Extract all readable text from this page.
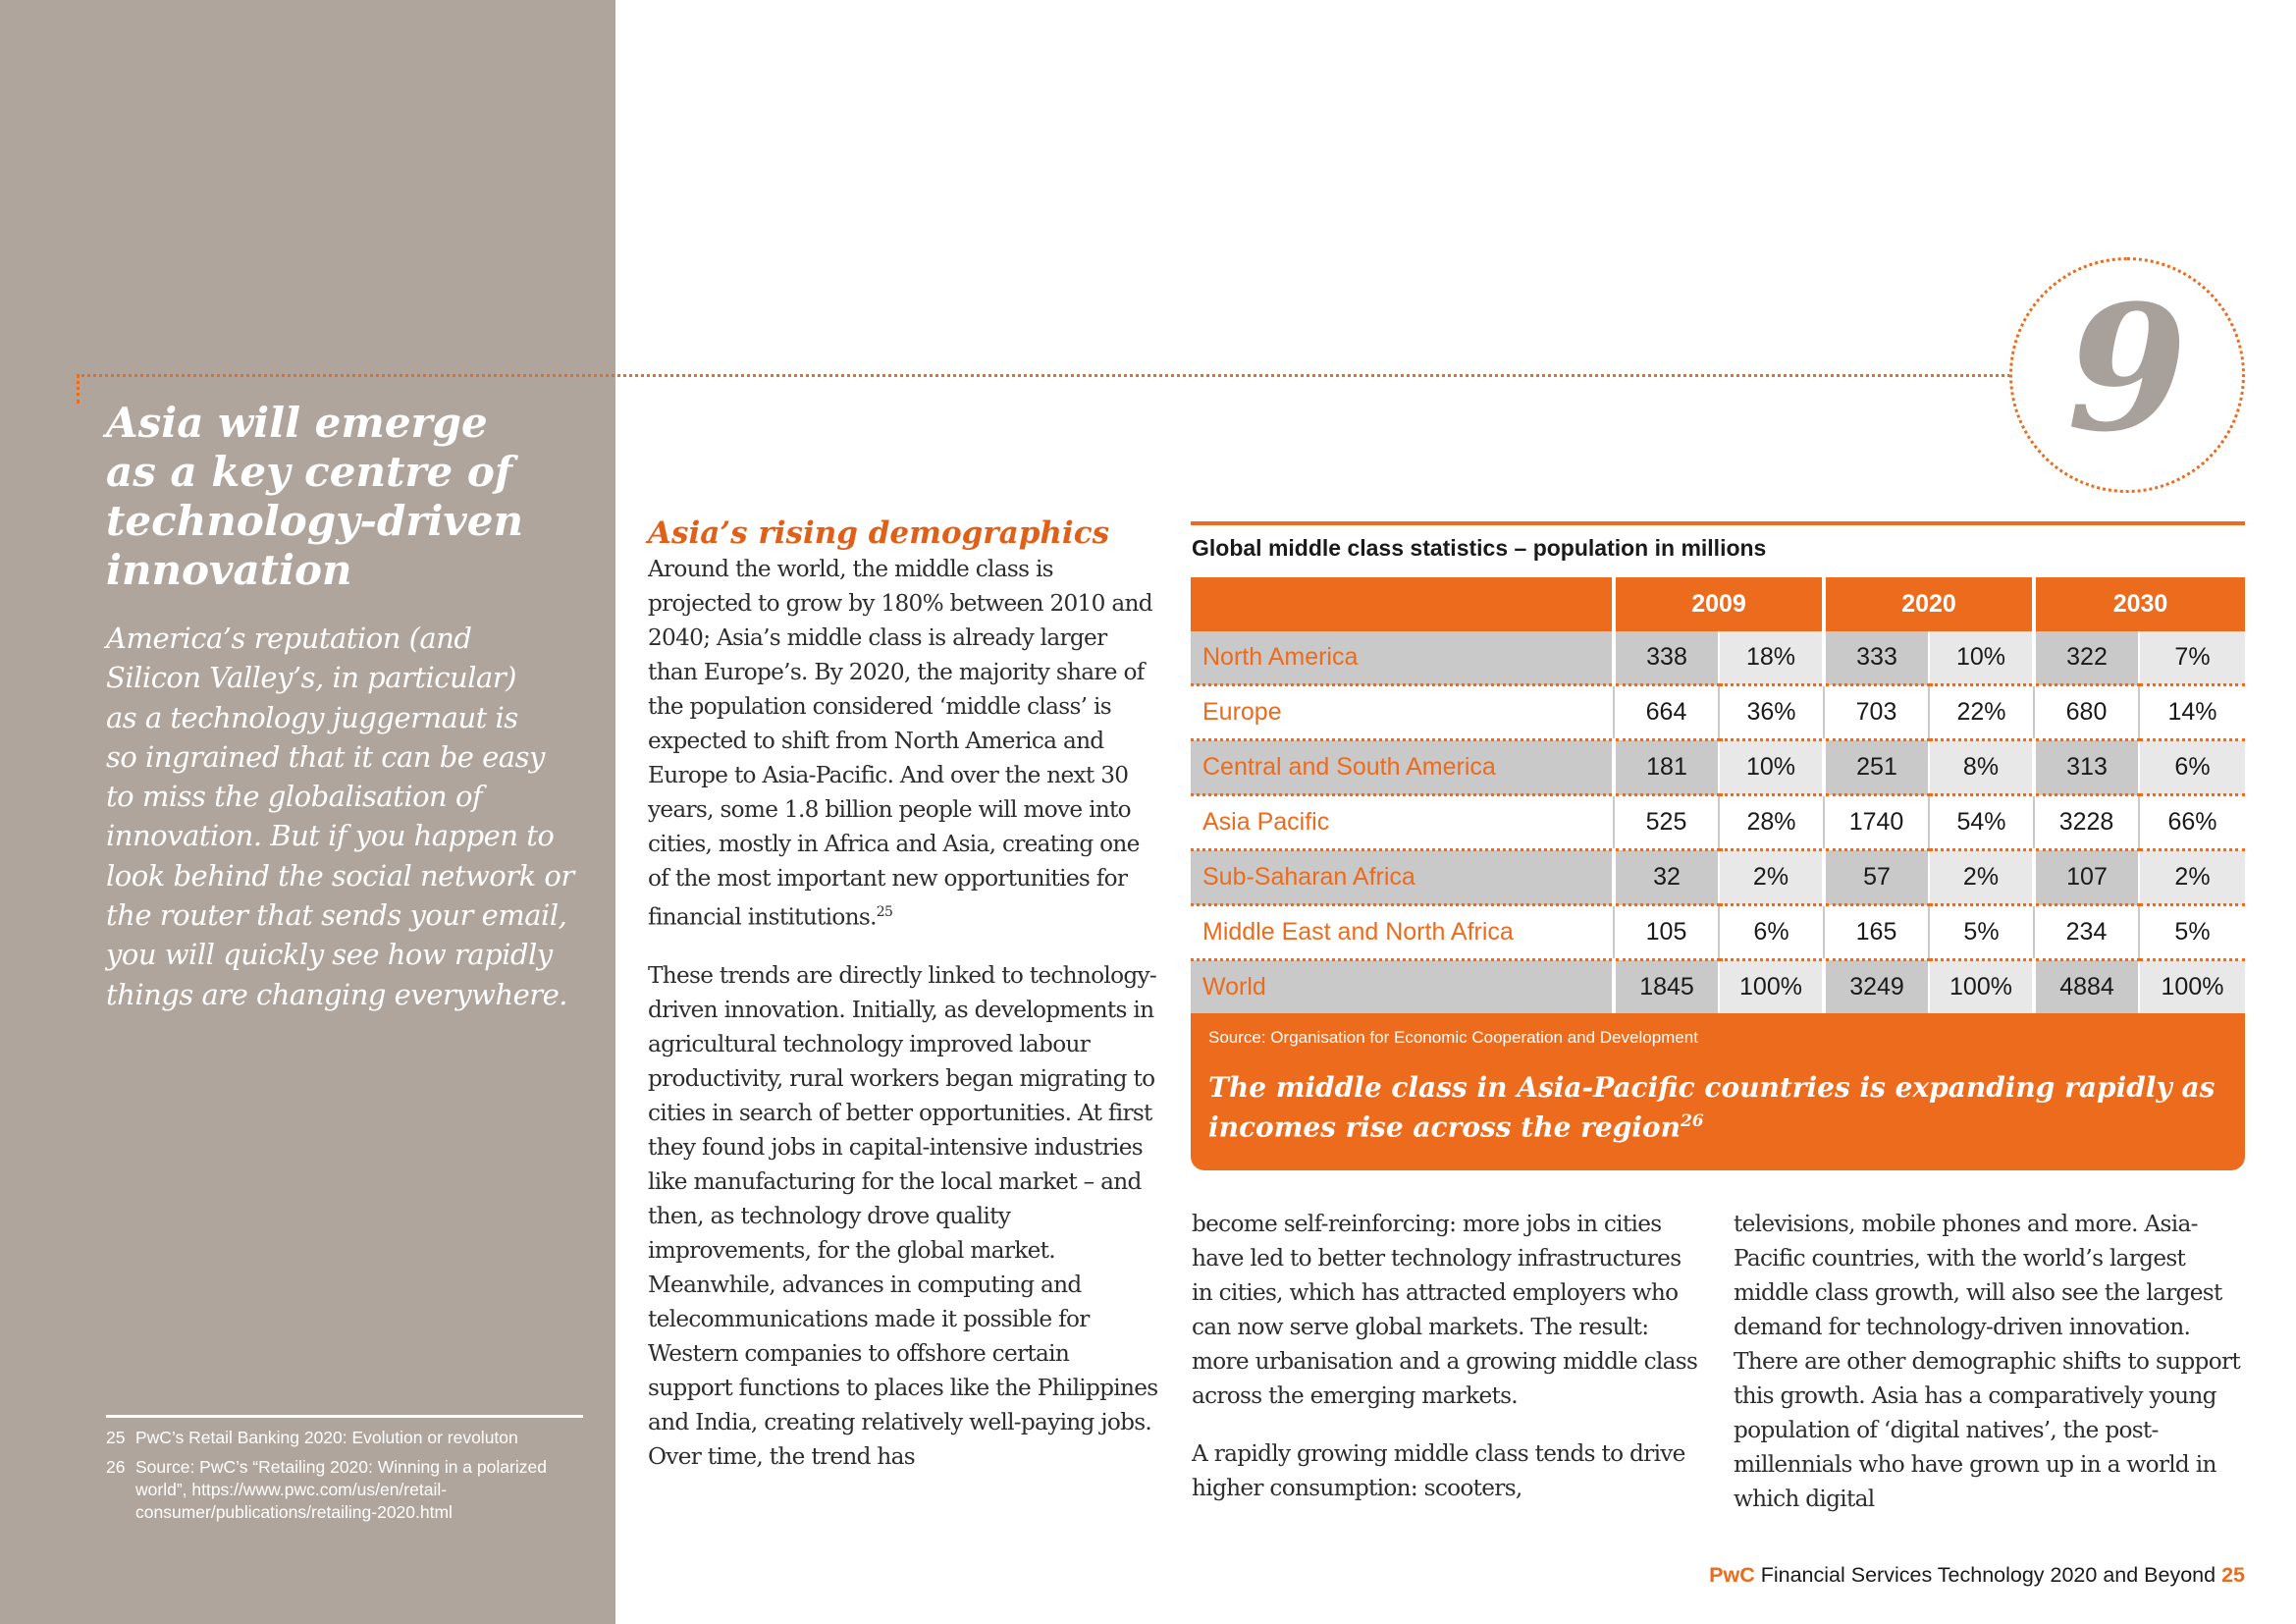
9
Asia will emerge
as a key centre of
technology-driven
innovation

America’s reputation (and
Silicon Valley’s, in particular)
as a technology juggernaut is
so ingrained that it can be easy
to miss the globalisation of
innovation. But if you happen to
look behind the social network or
the router that sends your email,
you will quickly see how rapidly
things are changing everywhere.

25 PwC’s Retail Banking 2020: Evolution or revoluton
26 Source: PwC’s “Retailing 2020: Winning in a polarized world”, https://www.pwc.com/us/en/retail-consumer/publications/retailing-2020.html
Asia’s rising demographics

Around the world, the middle class is projected to grow by 180% between 2010 and 2040; Asia’s middle class is already larger than Europe’s. By 2020, the majority share of the population considered ‘middle class’ is expected to shift from North America and Europe to Asia-Pacific. And over the next 30 years, some 1.8 billion people will move into cities, mostly in Africa and Asia, creating one of the most important new opportunities for financial institutions.$^{25}$

These trends are directly linked to technology-driven innovation. Initially, as developments in agricultural technology improved labour productivity, rural workers began migrating to cities in search of better opportunities. At first they found jobs in capital-intensive industries like manufacturing for the local market – and then, as technology drove quality improvements, for the global market. Meanwhile, advances in computing and telecommunications made it possible for Western companies to offshore certain support functions to places like the Philippines and India, creating relatively well-paying jobs. Over time, the trend has

become self-reinforcing: more jobs in cities have led to better technology infrastructures in cities, which has attracted employers who can now serve global markets. The result: more urbanisation and a growing middle class across the emerging markets.

A rapidly growing middle class tends to drive higher consumption: scooters,

televisions, mobile phones and more. Asia-Pacific countries, with the world’s largest middle class growth, will also see the largest demand for technology-driven innovation. There are other demographic shifts to support this growth. Asia has a comparatively young population of ‘digital natives’, the post-millennials who have grown up in a world in which digital

Global middle class statistics – population in millions
	2009		2020		2030	
North America	338	18%	333	10%	322	7%
Europe	664	36%	703	22%	680	14%
Central and South America	181	10%	251	8%	313	6%
Asia Pacific	525	28%	1740	54%	3228	66%
Sub-Saharan Africa	32	2%	57	2%	107	2%
Middle East and North Africa	105	6%	165	5%	234	5%
World	1845	100%	3249	100%	4884	100%
Source: Organisation for Economic Cooperation and Development
The middle class in Asia-Pacific countries is expanding rapidly as incomes rise across the region$^{26}$
PwC Financial Services Technology 2020 and Beyond 25
